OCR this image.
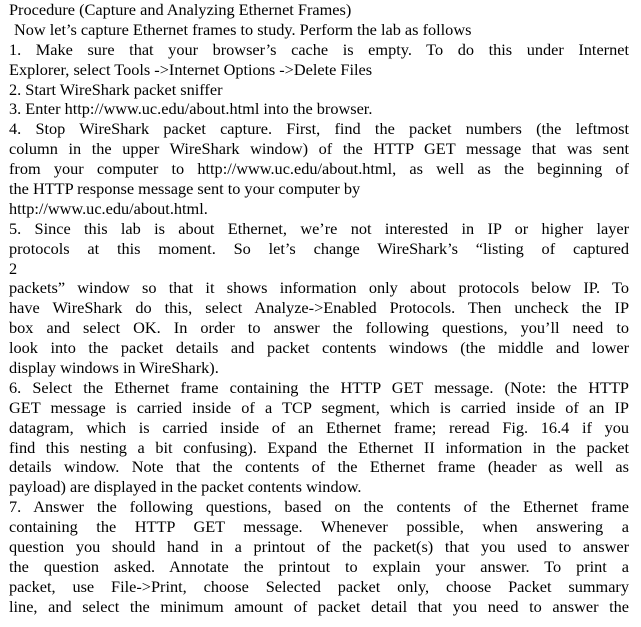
Procedure (Capture and Analyzing Ethernet Frames)
Now let’s capture Ethernet frames to study. Perform the lab as follows
1. Make sure that your browser’s cache is empty. To do this under Internet
Explorer, select Tools ->Internet Options ->Delete Files
2. Start WireShark packet sniffer
3. Enter http://www.uc.edu/about.html into the browser.
4. Stop WireShark packet capture. First, find the packet numbers (the leftmost
column in the upper WireShark window) of the HTTP GET message that was sent
from your computer to http://www.uc.edu/about.html, as well as the beginning of
the HTTP response message sent to your computer by
http://www.uc.edu/about.html.
5. Since this lab is about Ethernet, we’re not interested in IP or higher layer
protocols at this moment. So let’s change WireShark’s “listing of captured
2
packets” window so that it shows information only about protocols below IP. To
have WireShark do this, select Analyze->Enabled Protocols. Then uncheck the IP
box and select OK. In order to answer the following questions, you’ll need to
look into the packet details and packet contents windows (the middle and lower
display windows in WireShark).
6. Select the Ethernet frame containing the HTTP GET message. (Note: the HTTP
GET message is carried inside of a TCP segment, which is carried inside of an IP
datagram, which is carried inside of an Ethernet frame; reread Fig. 16.4 if you
find this nesting a bit confusing). Expand the Ethernet II information in the packet
details window. Note that the contents of the Ethernet frame (header as well as
payload) are displayed in the packet contents window.
7. Answer the following questions, based on the contents of the Ethernet frame
containing the HTTP GET message. Whenever possible, when answering a
question you should hand in a printout of the packet(s) that you used to answer
the question asked. Annotate the printout to explain your answer. To print a
packet, use File->Print, choose Selected packet only, choose Packet summary
line, and select the minimum amount of packet detail that you need to answer the
